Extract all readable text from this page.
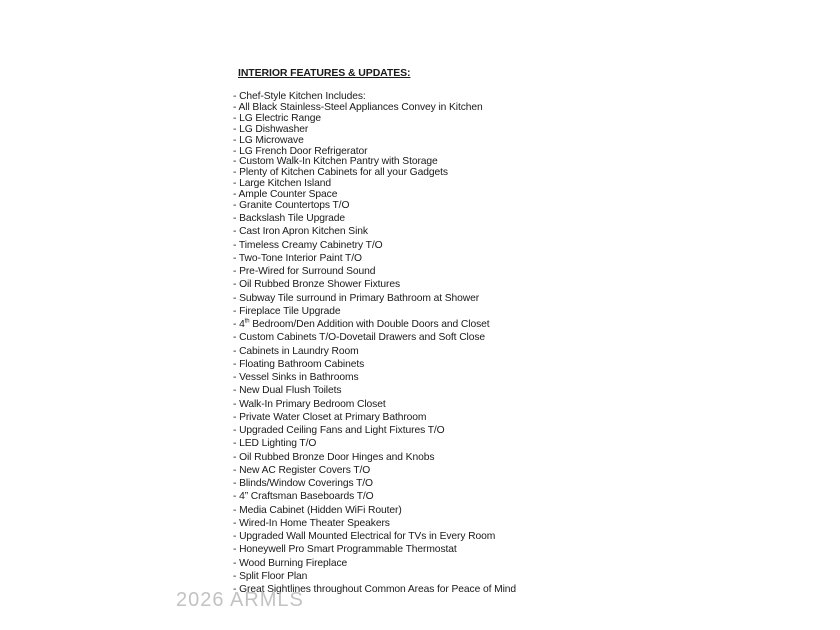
INTERIOR FEATURES & UPDATES:
- Chef-Style Kitchen Includes:
- All Black Stainless-Steel Appliances Convey in Kitchen
- LG Electric Range
- LG Dishwasher
- LG Microwave
- LG French Door Refrigerator
- Custom Walk-In Kitchen Pantry with Storage
- Plenty of Kitchen Cabinets for all your Gadgets
- Large Kitchen Island
- Ample Counter Space
- Granite Countertops T/O
- Backslash Tile Upgrade
- Cast Iron Apron Kitchen Sink
- Timeless Creamy Cabinetry T/O
- Two-Tone Interior Paint T/O
- Pre-Wired for Surround Sound
- Oil Rubbed Bronze Shower Fixtures
- Subway Tile surround in Primary Bathroom at Shower
- Fireplace Tile Upgrade
- 4th Bedroom/Den Addition with Double Doors and Closet
- Custom Cabinets T/O-Dovetail Drawers and Soft Close
- Cabinets in Laundry Room
- Floating Bathroom Cabinets
- Vessel Sinks in Bathrooms
- New Dual Flush Toilets
- Walk-In Primary Bedroom Closet
- Private Water Closet at Primary Bathroom
- Upgraded Ceiling Fans and Light Fixtures T/O
- LED Lighting T/O
- Oil Rubbed Bronze Door Hinges and Knobs
- New AC Register Covers T/O
- Blinds/Window Coverings T/O
- 4” Craftsman Baseboards T/O
- Media Cabinet (Hidden WiFi Router)
- Wired-In Home Theater Speakers
- Upgraded Wall Mounted Electrical for TVs in Every Room
- Honeywell Pro Smart Programmable Thermostat
- Wood Burning Fireplace
- Split Floor Plan
- Great Sightlines throughout Common Areas for Peace of Mind
2026 ARMLS
